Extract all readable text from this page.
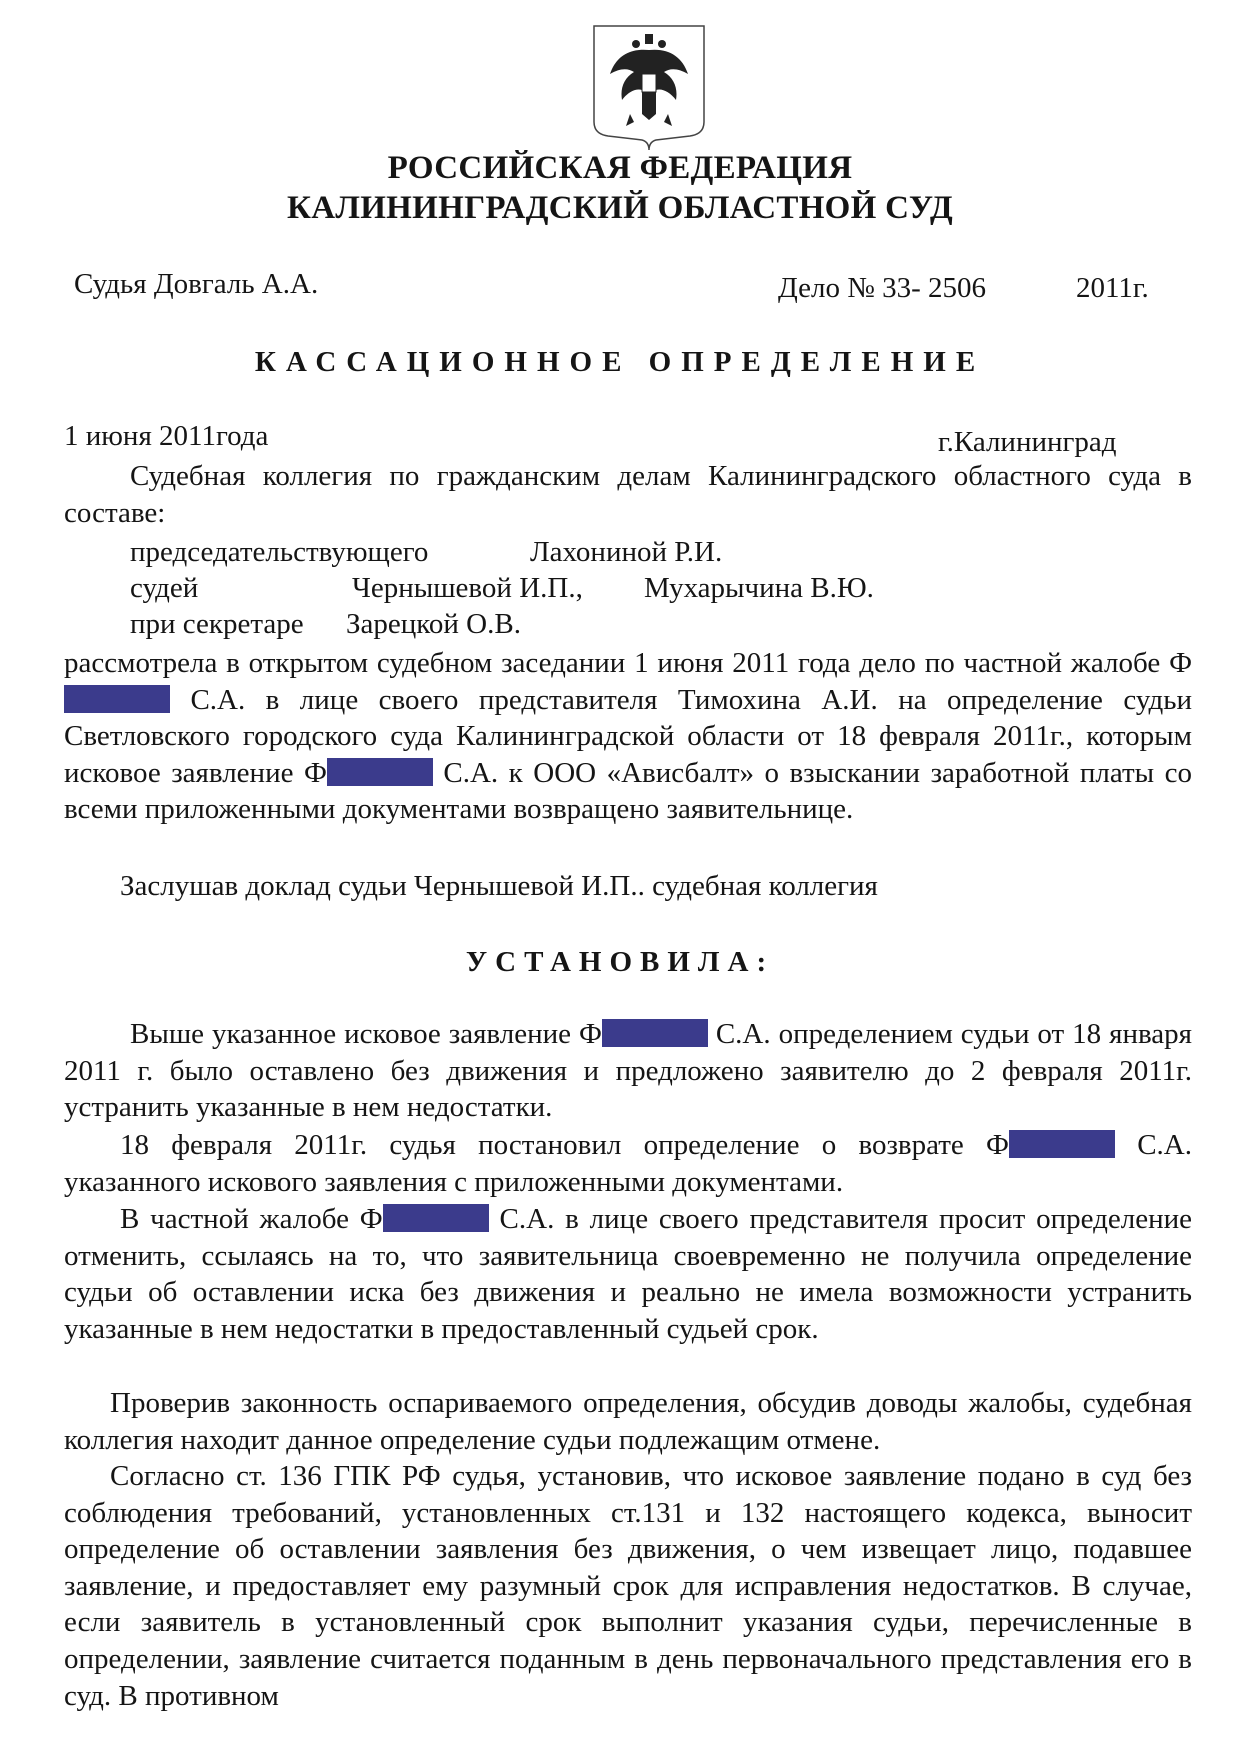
РОССИЙСКАЯ ФЕДЕРАЦИЯ
КАЛИНИНГРАДСКИЙ ОБЛАСТНОЙ СУД
Судья Довгаль А.А.	Дело № 33- 2506	2011г.
КАССАЦИОННОЕ ОПРЕДЕЛЕНИЕ
1 июня 2011года	г.Калининград
Судебная коллегия по гражданским делам Калининградского областного суда в составе:
председательствующего	Лахониной Р.И.
судей	Чернышевой И.П., Мухарычина В.Ю.
при секретаре Зарецкой О.В.
рассмотрела в открытом судебном заседании 1 июня 2011 года дело по частной жалобе Ф С.А. в лице своего представителя Тимохина А.И. на определение судьи Светловского городского суда Калининградской области от 18 февраля 2011г., которым исковое заявление Ф	С.А. к ООО «Ависбалт» о взыскании заработной платы со всеми приложенными документами возвращено заявительнице.
Заслушав доклад судьи Чернышевой И.П.. судебная коллегия
УСТАНОВИЛА:
Выше указанное исковое заявление Ф	С.А. определением судьи от 18 января 2011 г. было оставлено без движения и предложено заявителю до 2 февраля 2011г. устранить указанные в нем недостатки.
18 февраля 2011г. судья постановил определение о возврате Ф	С.А. указанного искового заявления с приложенными документами.
В частной жалобе Ф	С.А. в лице своего представителя просит определение отменить, ссылаясь на то, что заявительница своевременно не получила определение судьи об оставлении иска без движения и реально не имела возможности устранить указанные в нем недостатки в предоставленный судьей срок.
Проверив законность оспариваемого определения, обсудив доводы жалобы, судебная коллегия находит данное определение судьи подлежащим отмене.
Согласно ст. 136 ГПК РФ судья, установив, что исковое заявление подано в суд без соблюдения требований, установленных ст.131 и 132 настоящего кодекса, выносит определение об оставлении заявления без движения, о чем извещает лицо, подавшее заявление, и предоставляет ему разумный срок для исправления недостатков. В случае, если заявитель в установленный срок выполнит указания судьи, перечисленные в определении, заявление считается поданным в день первоначального представления его в суд. В противном
